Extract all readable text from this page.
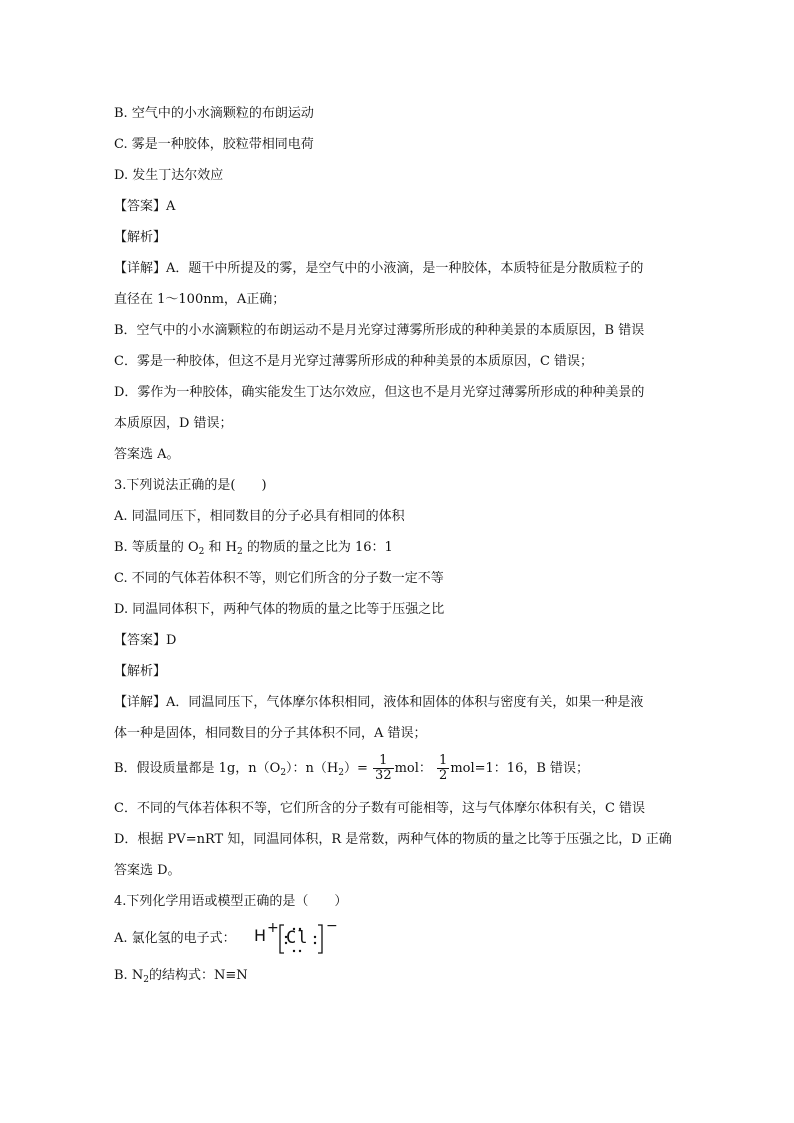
B. 空气中的小水滴颗粒的布朗运动
C. 雾是一种胶体，胶粒带相同电荷
D. 发生丁达尔效应
【答案】A
【解析】
【详解】A．题干中所提及的雾，是空气中的小液滴，是一种胶体，本质特征是分散质粒子的
直径在 1～100nm，A正确；
B．空气中的小水滴颗粒的布朗运动不是月光穿过薄雾所形成的种种美景的本质原因，B 错误
C．雾是一种胶体，但这不是月光穿过薄雾所形成的种种美景的本质原因，C 错误；
D．雾作为一种胶体，确实能发生丁达尔效应，但这也不是月光穿过薄雾所形成的种种美景的
本质原因，D 错误；
答案选 A。
3.下列说法正确的是(　　)
A. 同温同压下，相同数目的分子必具有相同的体积
B. 等质量的 $O_2$ 和 $H_2$ 的物质的量之比为 16：1
C. 不同的气体若体积不等，则它们所含的分子数一定不等
D. 同温同体积下，两种气体的物质的量之比等于压强之比
【答案】D
【解析】
【详解】A．同温同压下，气体摩尔体积相同，液体和固体的体积与密度有关，如果一种是液
体一种是固体，相同数目的分子其体积不同，A 错误；
B．假设质量都是 1g，$n(O_2)$：$n(H_2)= \frac{1}{32}$ mol： $\frac{1}{2} mol=1$：16，B 错误；
C．不同的气体若体积不等，它们所含的分子数有可能相等，这与气体摩尔体积有关，C 错误
D．根据 PV=nRT 知，同温同体积，R 是常数，两种气体的物质的量之比等于压强之比，D 正确
答案选 D。
4.下列化学用语或模型正确的是（　　）
A. 氯化氢的电子式： H + Cl
−
B. $N_2$的结构式：N≡N
